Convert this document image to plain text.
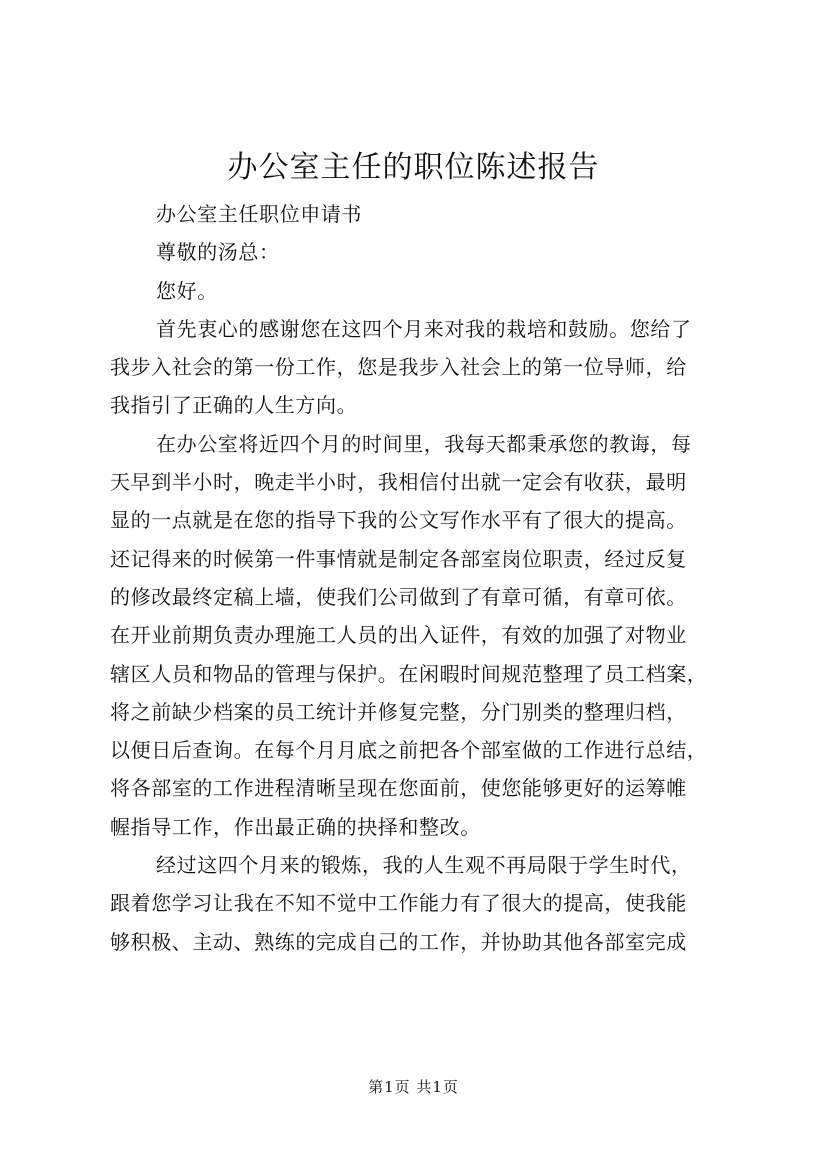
办公室主任的职位陈述报告
办公室主任职位申请书
尊敬的汤总：
您好。
首先衷心的感谢您在这四个月来对我的栽培和鼓励。您给了
我步入社会的第一份工作，您是我步入社会上的第一位导师，给
我指引了正确的人生方向。
在办公室将近四个月的时间里，我每天都秉承您的教诲，每
天早到半小时，晚走半小时，我相信付出就一定会有收获，最明
显的一点就是在您的指导下我的公文写作水平有了很大的提高。
还记得来的时候第一件事情就是制定各部室岗位职责，经过反复
的修改最终定稿上墙，使我们公司做到了有章可循，有章可依。
在开业前期负责办理施工人员的出入证件，有效的加强了对物业
辖区人员和物品的管理与保护。在闲暇时间规范整理了员工档案，
将之前缺少档案的员工统计并修复完整，分门别类的整理归档，
以便日后查询。在每个月月底之前把各个部室做的工作进行总结，
将各部室的工作进程清晰呈现在您面前，使您能够更好的运筹帷
幄指导工作，作出最正确的抉择和整改。
经过这四个月来的锻炼，我的人生观不再局限于学生时代，
跟着您学习让我在不知不觉中工作能力有了很大的提高，使我能
够积极、主动、熟练的完成自己的工作，并协助其他各部室完成
第1页 共1页
